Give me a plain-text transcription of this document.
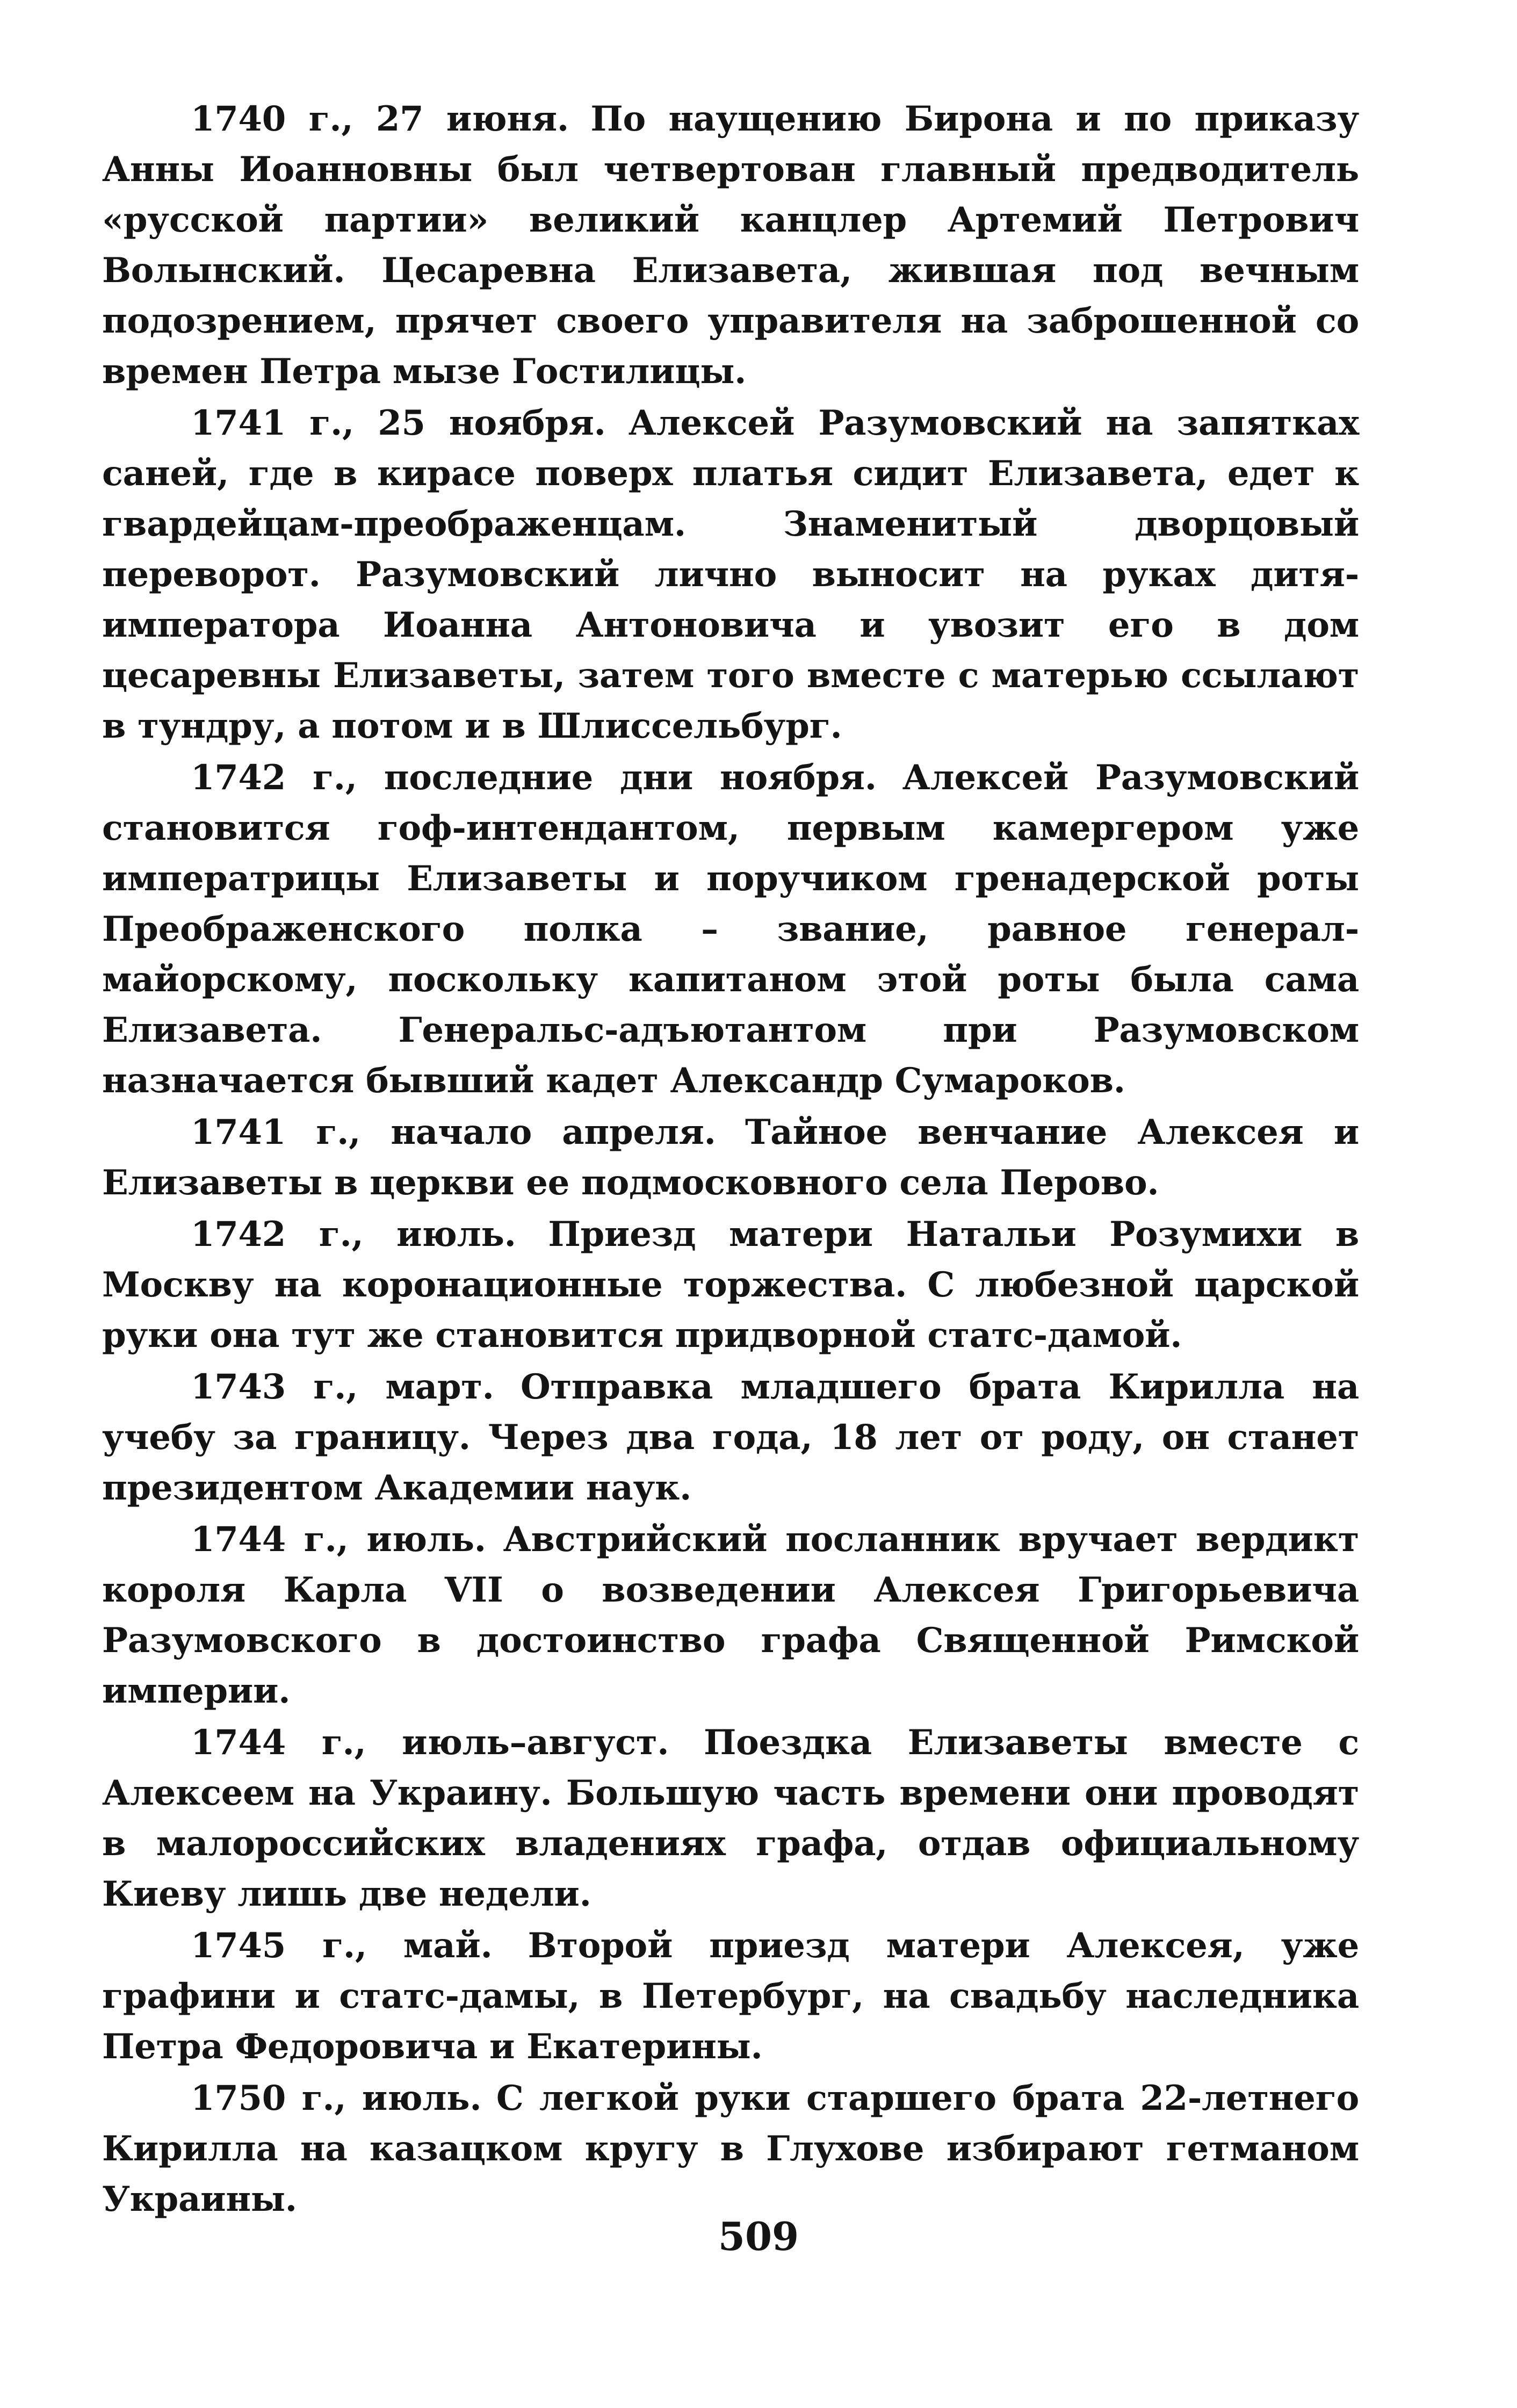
1740 г., 27 июня. По наущению Бирона и по приказу Анны Иоанновны был четвертован главный предводитель «русской партии» великий канцлер Артемий Петрович Волынский. Цесаревна Елизавета, жившая под вечным подозрением, прячет своего управителя на заброшенной со времен Петра мызе Гостилицы.

1741 г., 25 ноября. Алексей Разумовский на запятках саней, где в кирасе поверх платья сидит Елизавета, едет к гвардейцам-преображенцам. Знаменитый дворцовый переворот. Разумовский лично выносит на руках дитя-императора Иоанна Антоновича и увозит его в дом цесаревны Елизаветы, затем того вместе с матерью ссылают в тундру, а потом и в Шлиссельбург.

1742 г., последние дни ноября. Алексей Разумовский становится гоф-интендантом, первым камергером уже императрицы Елизаветы и поручиком гренадерской роты Преображенского полка – звание, равное генерал-майорскому, поскольку капитаном этой роты была сама Елизавета. Генеральс-адъютантом при Разумовском назначается бывший кадет Александр Сумароков.

1741 г., начало апреля. Тайное венчание Алексея и Елизаветы в церкви ее подмосковного села Перово.

1742 г., июль. Приезд матери Натальи Розумихи в Москву на коронационные торжества. С любезной царской руки она тут же становится придворной статс-дамой.

1743 г., март. Отправка младшего брата Кирилла на учебу за границу. Через два года, 18 лет от роду, он станет президентом Академии наук.

1744 г., июль. Австрийский посланник вручает вердикт короля Карла VII о возведении Алексея Григорьевича Разумовского в достоинство графа Священной Римской империи.

1744 г., июль–август. Поездка Елизаветы вместе с Алексеем на Украину. Большую часть времени они проводят в малороссийских владениях графа, отдав официальному Киеву лишь две недели.

1745 г., май. Второй приезд матери Алексея, уже графини и статс-дамы, в Петербург, на свадьбу наследника Петра Федоровича и Екатерины.

1750 г., июль. С легкой руки старшего брата 22-летнего Кирилла на казацком кругу в Глухове избирают гетманом Украины.

509
